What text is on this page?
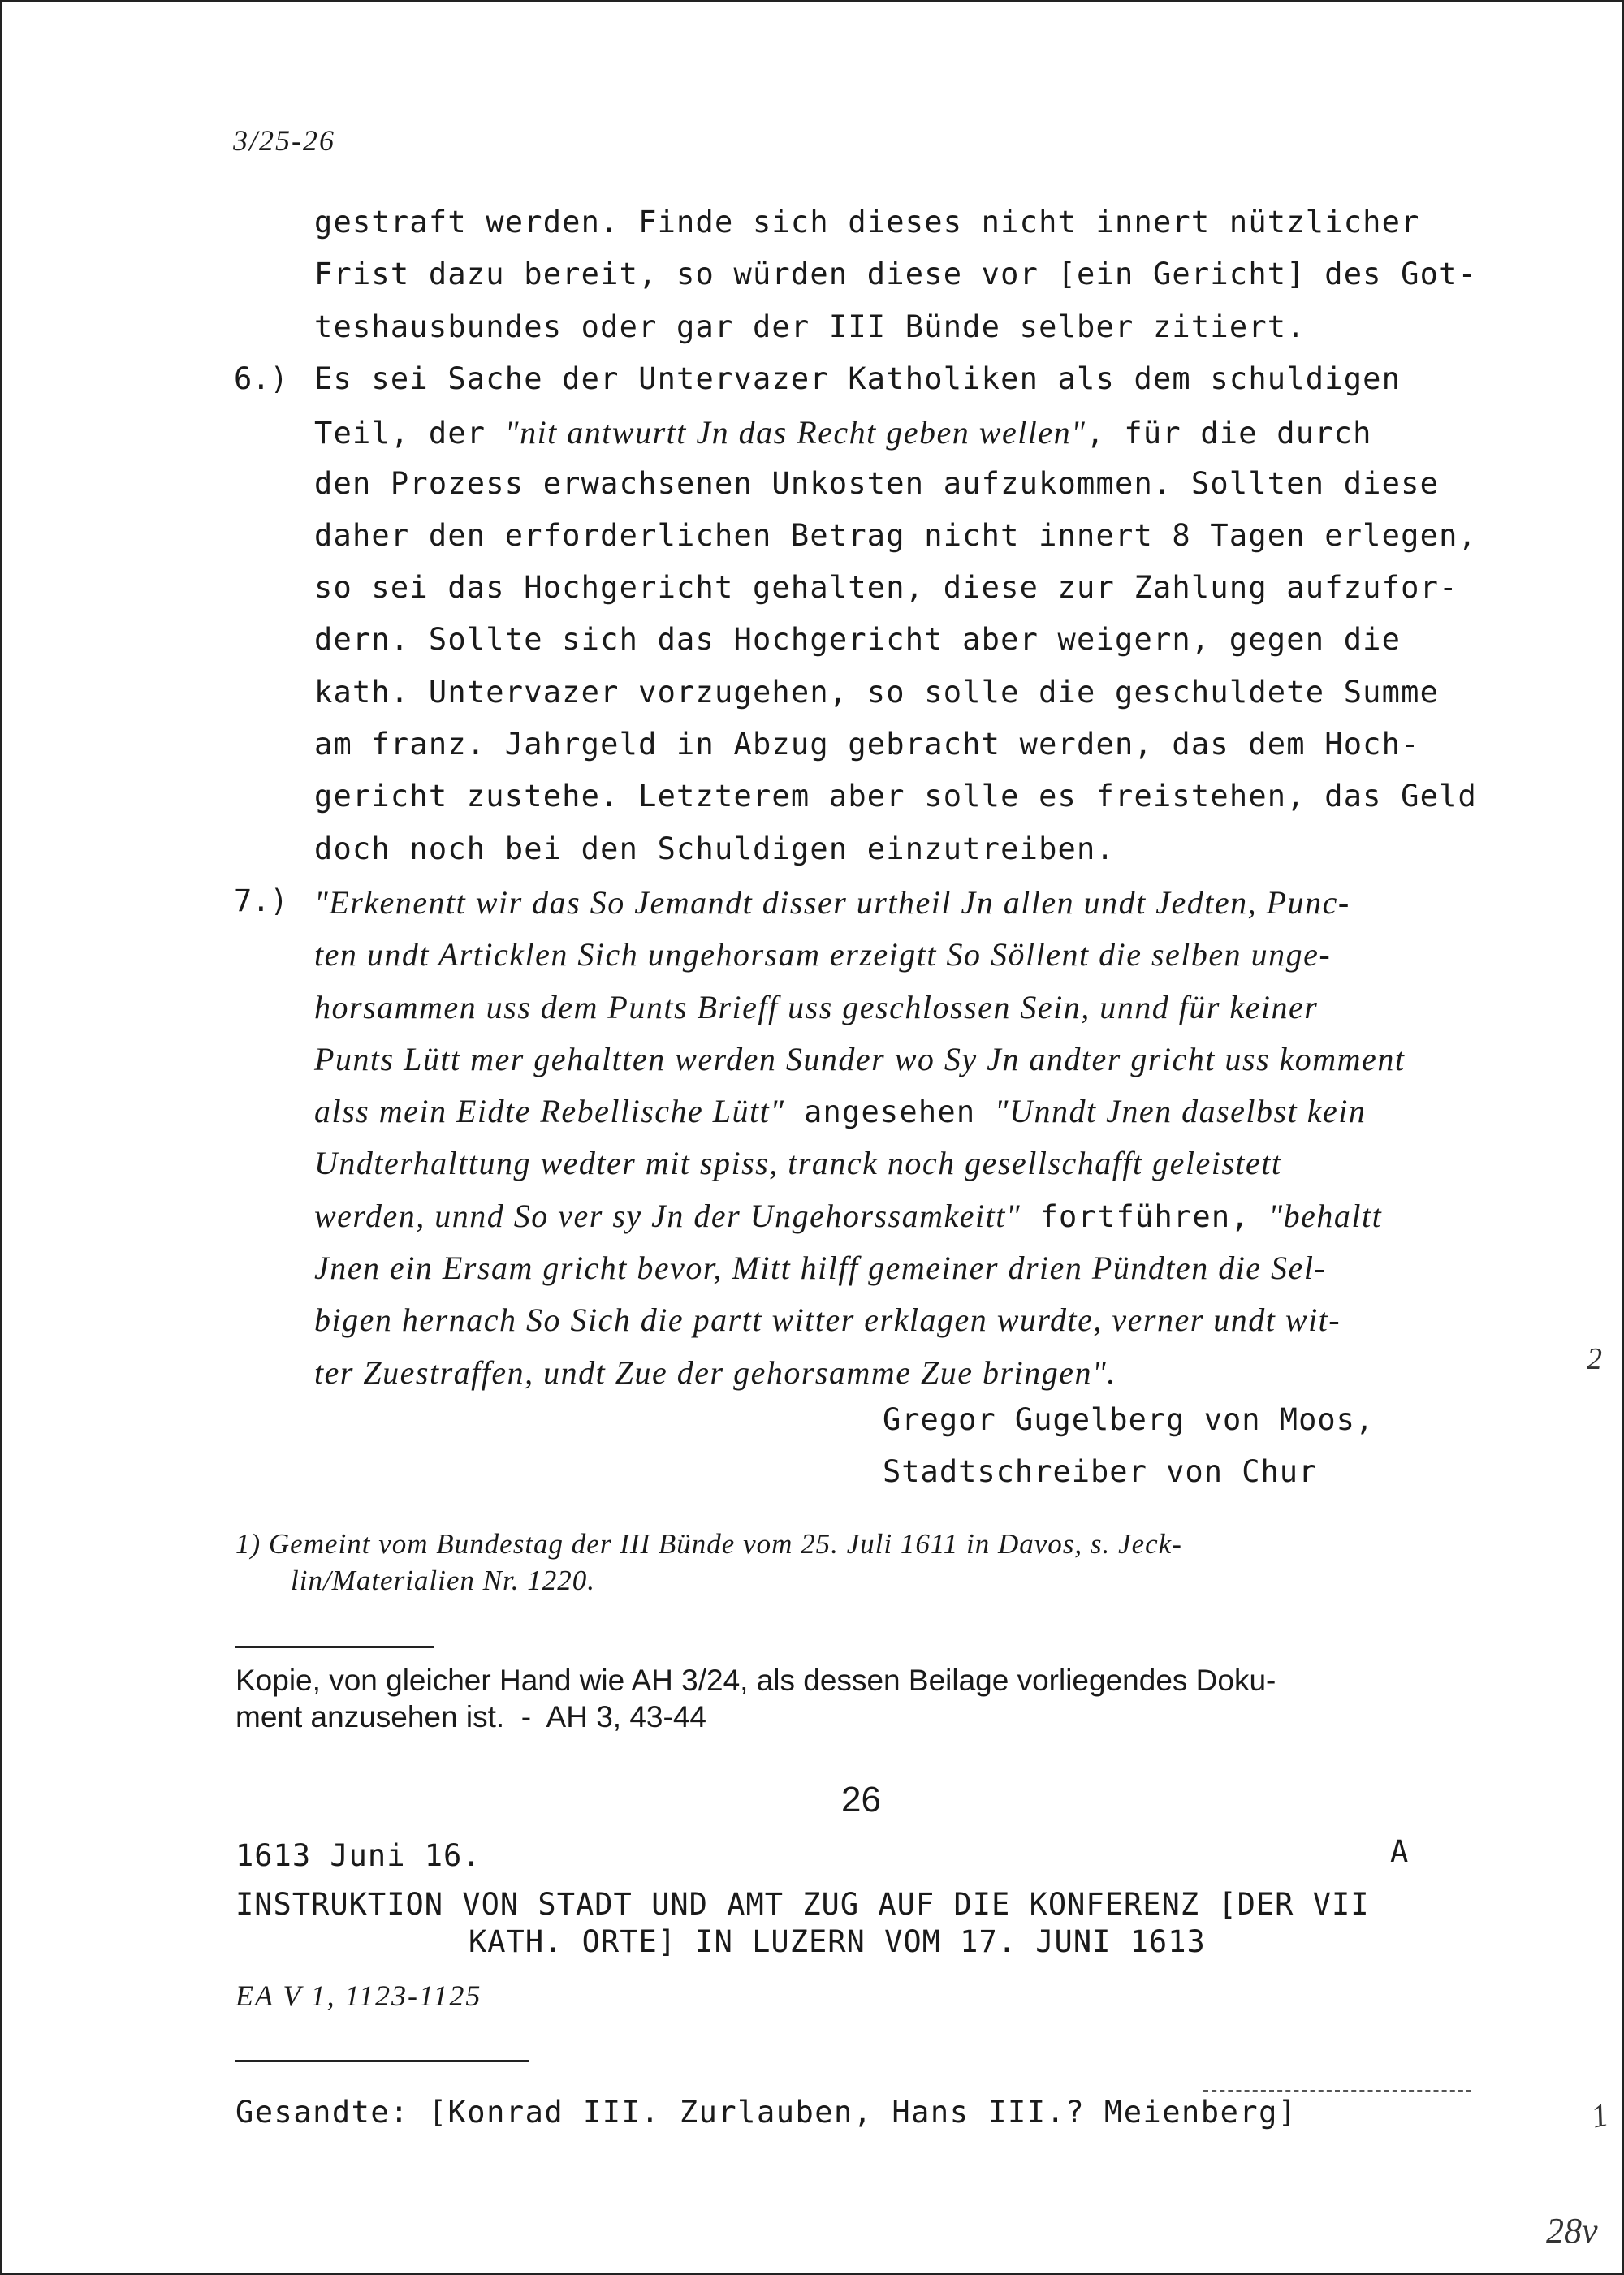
3/25-26
gestraft werden. Finde sich dieses nicht innert nützlicher
Frist dazu bereit, so würden diese vor [ein Gericht] des Got-
teshausbundes oder gar der III Bünde selber zitiert.
Es sei Sache der Untervazer Katholiken als dem schuldigen
6.)
Teil, der "nit antwurtt Jn das Recht geben wellen", für die durch
den Prozess erwachsenen Unkosten aufzukommen. Sollten diese
daher den erforderlichen Betrag nicht innert 8 Tagen erlegen,
so sei das Hochgericht gehalten, diese zur Zahlung aufzufor-
dern. Sollte sich das Hochgericht aber weigern, gegen die
kath. Untervazer vorzugehen, so solle die geschuldete Summe
am franz. Jahrgeld in Abzug gebracht werden, das dem Hoch-
gericht zustehe. Letzterem aber solle es freistehen, das Geld
doch noch bei den Schuldigen einzutreiben.
"Erkenentt wir das So Jemandt disser urtheil Jn allen undt Jedten, Punc-
7.)
ten undt Articklen Sich ungehorsam erzeigtt So Söllent die selben unge-
horsammen uss dem Punts Brieff uss geschlossen Sein, unnd für keiner
Punts Lütt mer gehaltten werden Sunder wo Sy Jn andter gricht uss komment
alss mein Eidte Rebellische Lütt" angesehen "Unndt Jnen daselbst kein
Undterhalttung wedter mit spiss, tranck noch gesellschafft geleistett
werden, unnd So ver sy Jn der Ungehorssamkeitt" fortführen, "behaltt
Jnen ein Ersam gricht bevor, Mitt hilff gemeiner drien Pündten die Sel-
bigen hernach So Sich die partt witter erklagen wurdte, verner undt wit-
ter Zuestraffen, undt Zue der gehorsamme Zue bringen".
Gregor Gugelberg von Moos,
Stadtschreiber von Chur
1) Gemeint vom Bundestag der III Bünde vom 25. Juli 1611 in Davos, s. Jeck-
lin/Materialien Nr. 1220.
Kopie, von gleicher Hand wie AH 3/24, als dessen Beilage vorliegendes Doku-
ment anzusehen ist.  -  AH 3, 43-44
26
1613 Juni 16.	A
INSTRUKTION VON STADT UND AMT ZUG AUF DIE KONFERENZ [DER VII
KATH. ORTE] IN LUZERN VOM 17. JUNI 1613
EA V 1, 1123-1125
Gesandte: [Konrad III. Zurlauben, Hans III.? Meienberg]
2
1
28v
